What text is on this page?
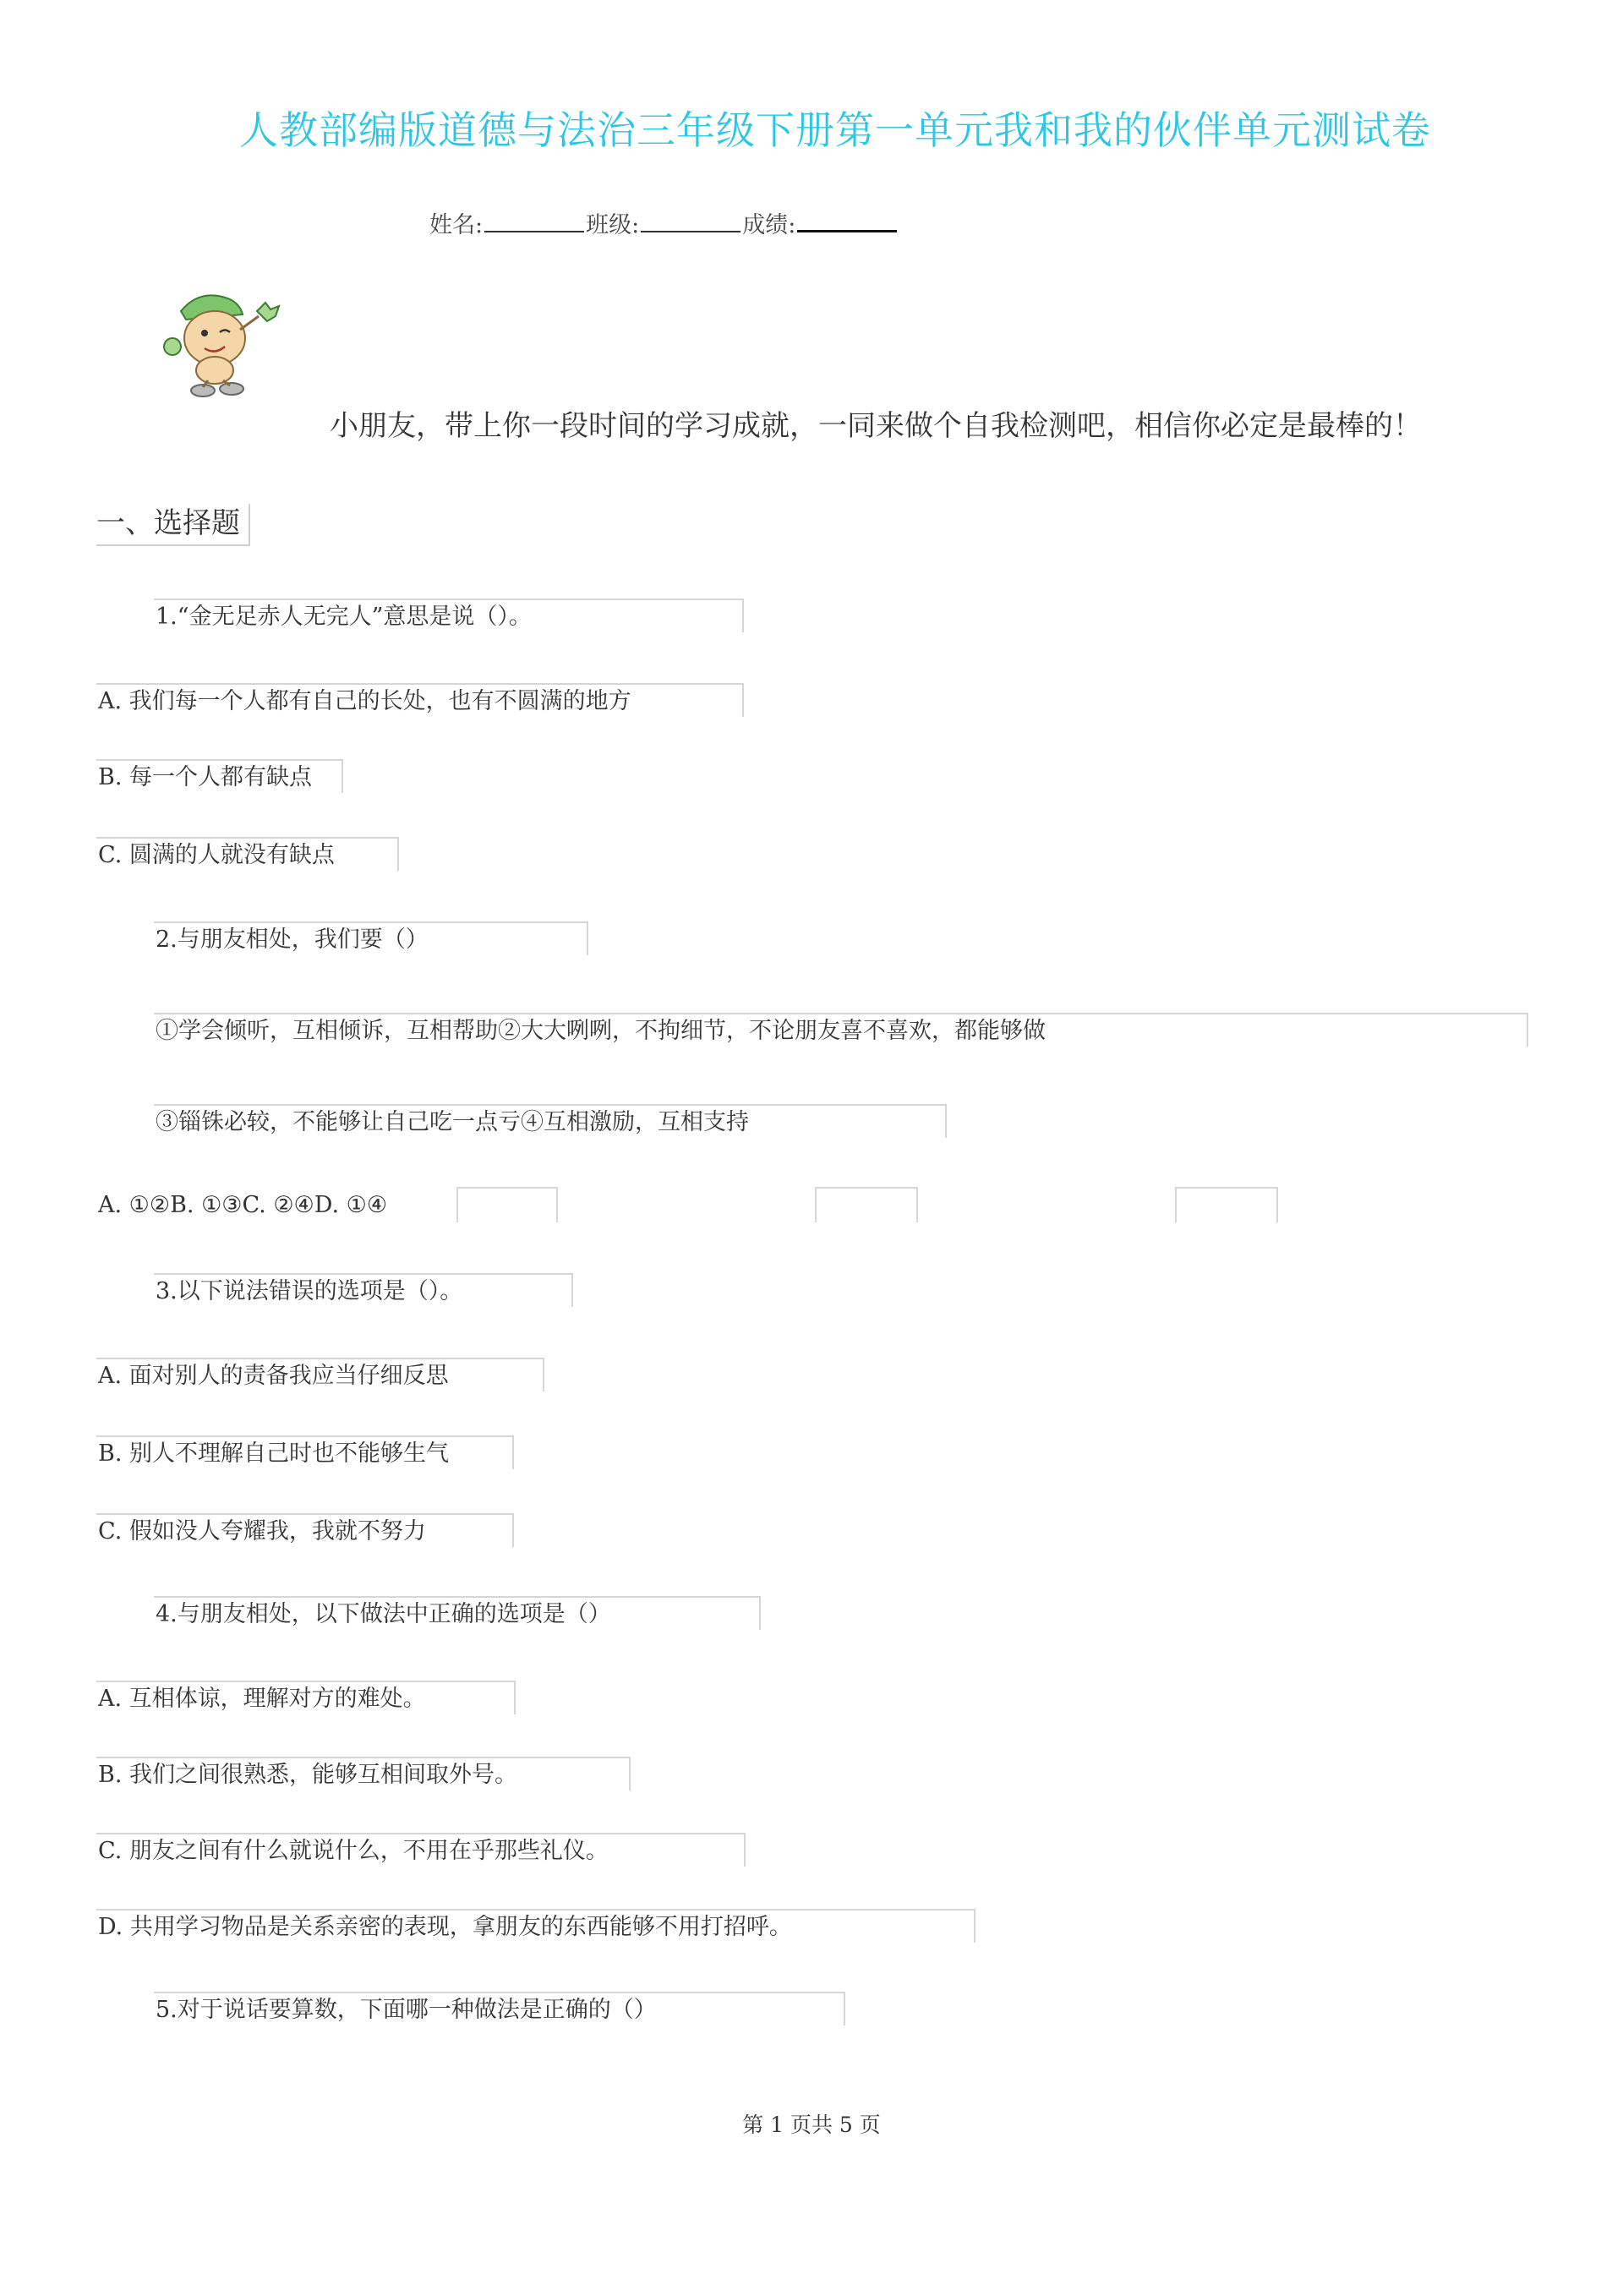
人教部编版道德与法治三年级下册第一单元我和我的伙伴单元测试卷
姓名:	班级:	成绩:
小朋友，带上你一段时间的学习成就，一同来做个自我检测吧，相信你必定是最棒的！
一、选择题
1.“金无足赤人无完人”意思是说（）。
A. 我们每一个人都有自己的长处，也有不圆满的地方
B. 每一个人都有缺点
C. 圆满的人就没有缺点
2.与朋友相处，我们要（）
①学会倾听，互相倾诉，互相帮助②大大咧咧，不拘细节，不论朋友喜不喜欢，都能够做
③锱铢必较，不能够让自己吃一点亏④互相激励，互相支持
A. ①②B. ①③C. ②④D. ①④
3.以下说法错误的选项是（）。
A. 面对别人的责备我应当仔细反思
B. 别人不理解自己时也不能够生气
C. 假如没人夸耀我，我就不努力
4.与朋友相处，以下做法中正确的选项是（）
A. 互相体谅，理解对方的难处。
B. 我们之间很熟悉，能够互相间取外号。
C. 朋友之间有什么就说什么，不用在乎那些礼仪。
D. 共用学习物品是关系亲密的表现，拿朋友的东西能够不用打招呼。
5.对于说话要算数，下面哪一种做法是正确的（）
第 1 页共 5 页
